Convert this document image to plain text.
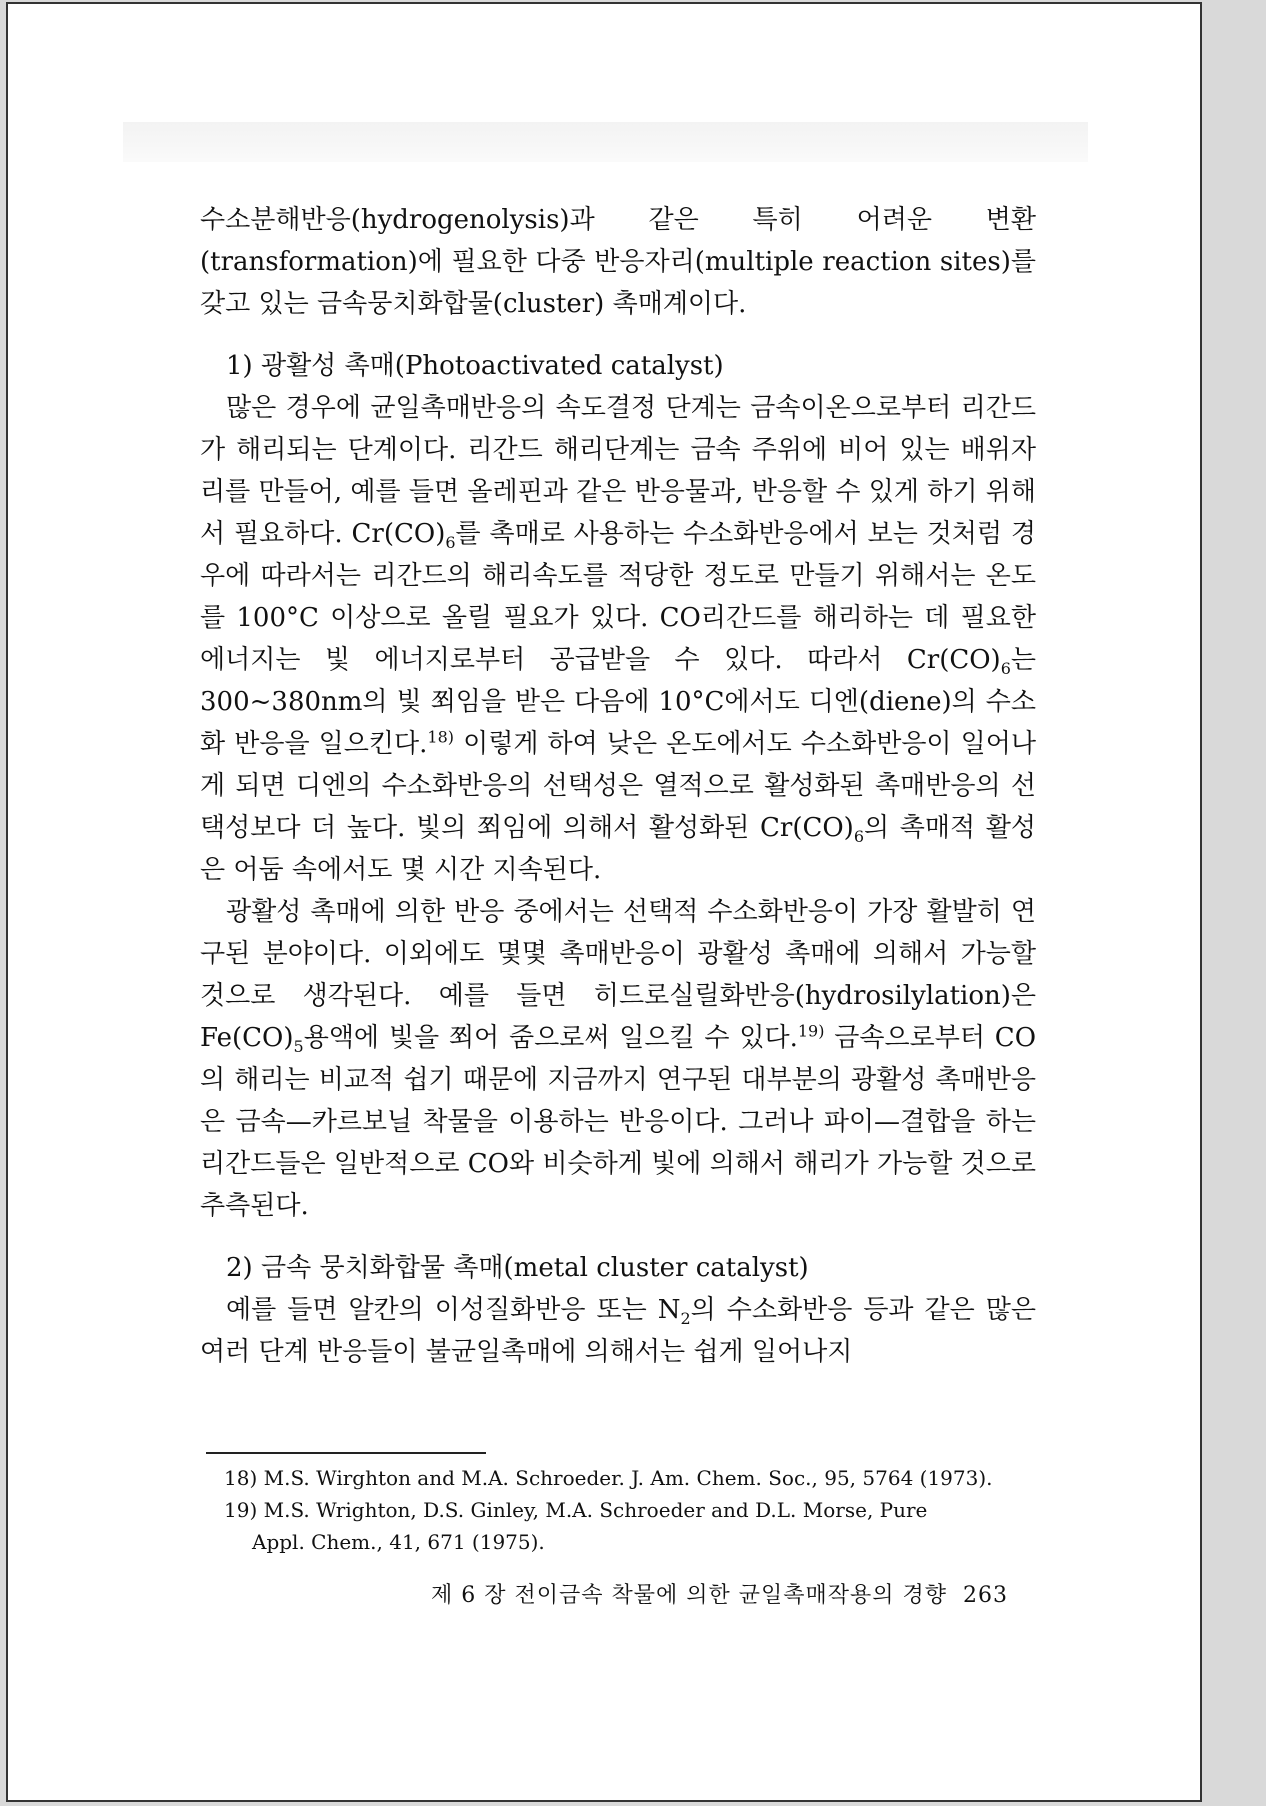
수소분해반응(hydrogenolysis)과 같은 특히 어려운 변환(transformation)에 필요한 다중 반응자리(multiple reaction sites)를 갖고 있는 금속뭉치화합물(cluster) 촉매계이다.

1) 광활성 촉매(Photoactivated catalyst)

많은 경우에 균일촉매반응의 속도결정 단계는 금속이온으로부터 리간드가 해리되는 단계이다. 리간드 해리단계는 금속 주위에 비어 있는 배위자리를 만들어, 예를 들면 올레핀과 같은 반응물과, 반응할 수 있게 하기 위해서 필요하다. $Cr(CO)_6$를 촉매로 사용하는 수소화반응에서 보는 것처럼 경우에 따라서는 리간드의 해리속도를 적당한 정도로 만들기 위해서는 온도를 100°C 이상으로 올릴 필요가 있다. CO리간드를 해리하는 데 필요한 에너지는 빛 에너지로부터 공급받을 수 있다. 따라서 $Cr(CO)_6$는 300~380nm의 빛 쬐임을 받은 다음에 10°C에서도 디엔(diene)의 수소화 반응을 일으킨다.$^{18)}$ 이렇게 하여 낮은 온도에서도 수소화반응이 일어나게 되면 디엔의 수소화반응의 선택성은 열적으로 활성화된 촉매반응의 선택성보다 더 높다. 빛의 쬐임에 의해서 활성화된 $Cr(CO)_6$의 촉매적 활성은 어둠 속에서도 몇 시간 지속된다.

광활성 촉매에 의한 반응 중에서는 선택적 수소화반응이 가장 활발히 연구된 분야이다. 이외에도 몇몇 촉매반응이 광활성 촉매에 의해서 가능할 것으로 생각된다. 예를 들면 히드로실릴화반응(hydrosilylation)은 $Fe(CO)_5$용액에 빛을 쬐어 줌으로써 일으킬 수 있다.$^{19)}$ 금속으로부터 CO의 해리는 비교적 쉽기 때문에 지금까지 연구된 대부분의 광활성 촉매반응은 금속—카르보닐 착물을 이용하는 반응이다. 그러나 파이—결합을 하는 리간드들은 일반적으로 CO와 비슷하게 빛에 의해서 해리가 가능할 것으로 추측된다.

2) 금속 뭉치화합물 촉매(metal cluster catalyst)

예를 들면 알칸의 이성질화반응 또는 $N_2$의 수소화반응 등과 같은 많은 여러 단계 반응들이 불균일촉매에 의해서는 쉽게 일어나지

18) M.S. Wirghton and M.A. Schroeder. J. Am. Chem. Soc., 95, 5764 (1973).

19) M.S. Wrighton, D.S. Ginley, M.A. Schroeder and D.L. Morse, Pure
Appl. Chem., 41, 671 (1975).

제 6 장 전이금속 착물에 의한 균일촉매작용의 경향 263
